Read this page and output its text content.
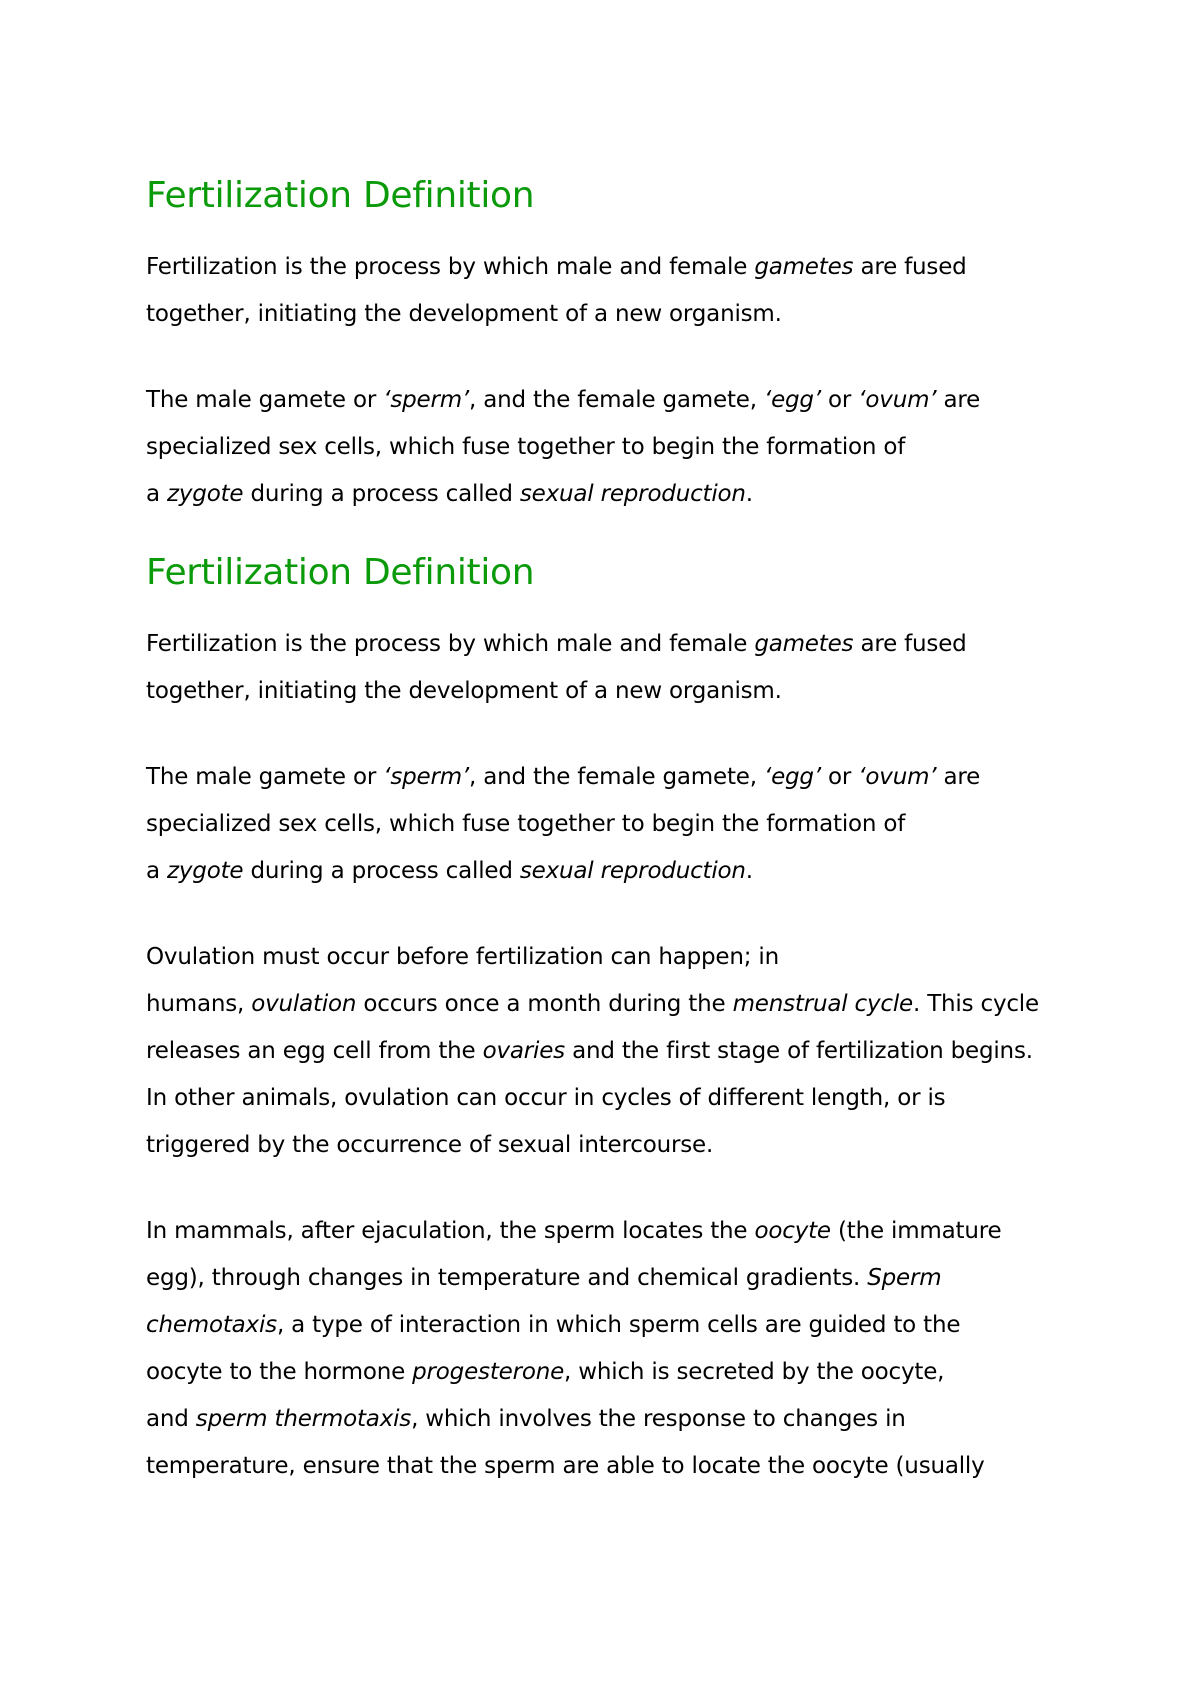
Fertilization Definition

Fertilization is the process by which male and female gametes are fused
together, initiating the development of a new organism.

The male gamete or ‘sperm’, and the female gamete, ‘egg’ or ‘ovum’ are
specialized sex cells, which fuse together to begin the formation of
a zygote during a process called sexual reproduction.

Fertilization Definition

Fertilization is the process by which male and female gametes are fused
together, initiating the development of a new organism.

The male gamete or ‘sperm’, and the female gamete, ‘egg’ or ‘ovum’ are
specialized sex cells, which fuse together to begin the formation of
a zygote during a process called sexual reproduction.

Ovulation must occur before fertilization can happen; in
humans, ovulation occurs once a month during the menstrual cycle. This cycle
releases an egg cell from the ovaries and the first stage of fertilization begins.
In other animals, ovulation can occur in cycles of different length, or is
triggered by the occurrence of sexual intercourse.

In mammals, after ejaculation, the sperm locates the oocyte (the immature
egg), through changes in temperature and chemical gradients. Sperm
chemotaxis, a type of interaction in which sperm cells are guided to the
oocyte to the hormone progesterone, which is secreted by the oocyte,
and sperm thermotaxis, which involves the response to changes in
temperature, ensure that the sperm are able to locate the oocyte (usually
